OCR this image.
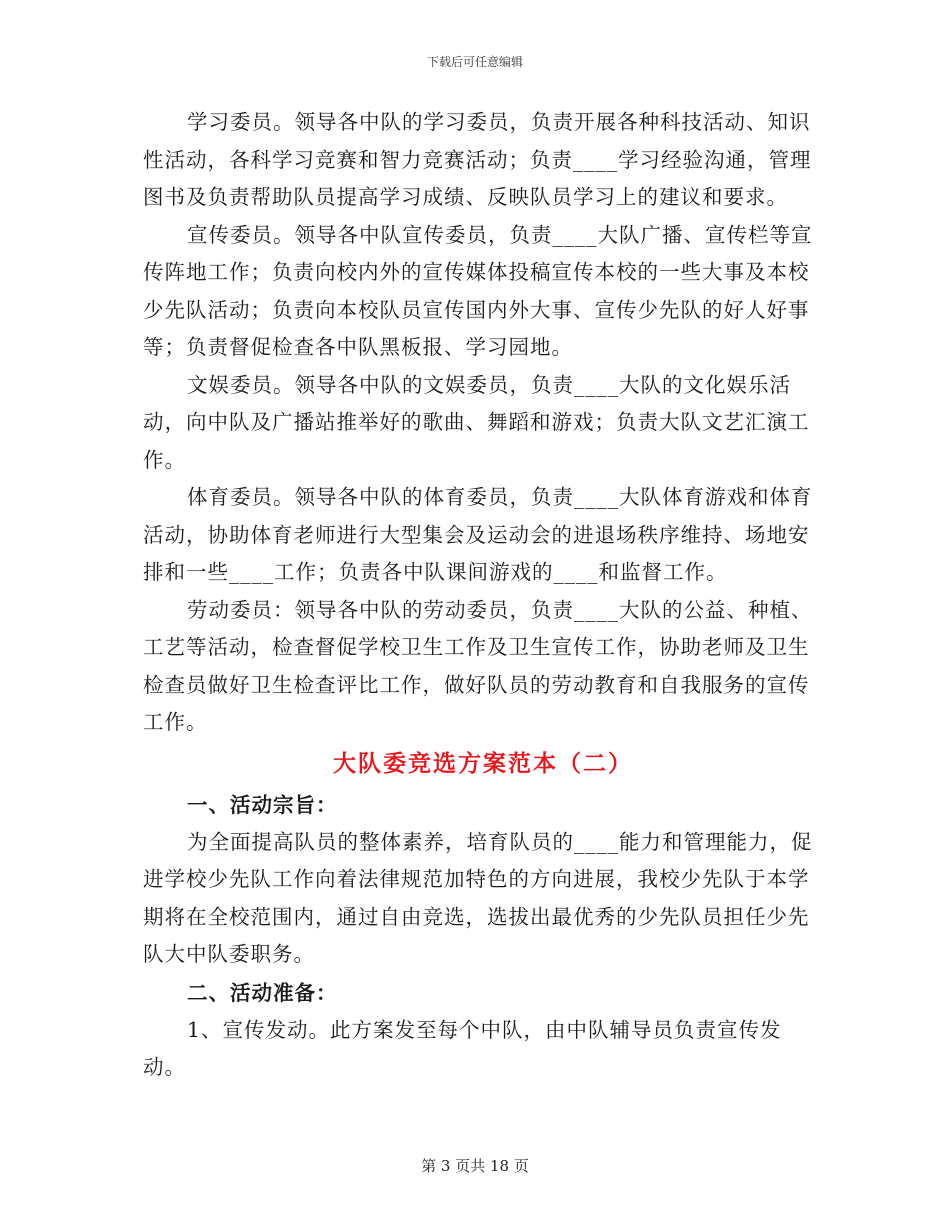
下载后可任意编辑

学习委员。领导各中队的学习委员，负责开展各种科技活动、知识性活动，各科学习竞赛和智力竞赛活动；负责____学习经验沟通，管理图书及负责帮助队员提高学习成绩、反映队员学习上的建议和要求。

宣传委员。领导各中队宣传委员，负责____大队广播、宣传栏等宣传阵地工作；负责向校内外的宣传媒体投稿宣传本校的一些大事及本校少先队活动；负责向本校队员宣传国内外大事、宣传少先队的好人好事等；负责督促检查各中队黑板报、学习园地。

文娱委员。领导各中队的文娱委员，负责____大队的文化娱乐活动，向中队及广播站推举好的歌曲、舞蹈和游戏；负责大队文艺汇演工作。

体育委员。领导各中队的体育委员，负责____大队体育游戏和体育活动，协助体育老师进行大型集会及运动会的进退场秩序维持、场地安排和一些____工作；负责各中队课间游戏的____和监督工作。

劳动委员：领导各中队的劳动委员，负责____大队的公益、种植、工艺等活动，检查督促学校卫生工作及卫生宣传工作，协助老师及卫生检查员做好卫生检查评比工作，做好队员的劳动教育和自我服务的宣传工作。

大队委竞选方案范本（二）
一、活动宗旨：

为全面提高队员的整体素养，培育队员的____能力和管理能力，促进学校少先队工作向着法律规范加特色的方向进展，我校少先队于本学期将在全校范围内，通过自由竞选，选拔出最优秀的少先队员担任少先队大中队委职务。

二、活动准备：

1、宣传发动。此方案发至每个中队，由中队辅导员负责宣传发动。

第 3 页共 18 页
